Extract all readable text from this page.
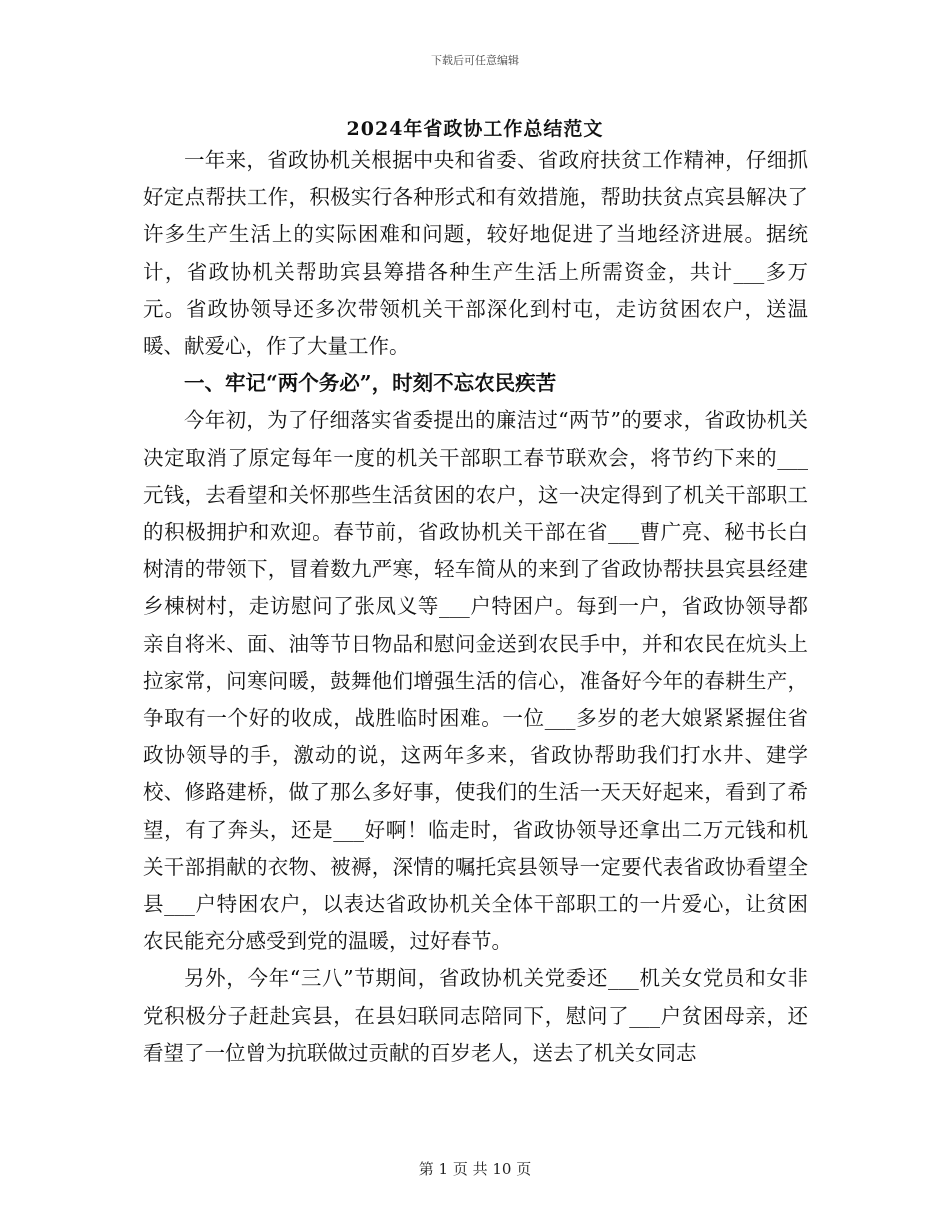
下载后可任意编辑
2024年省政协工作总结范文

一年来，省政协机关根据中央和省委、省政府扶贫工作精神，仔细抓好定点帮扶工作，积极实行各种形式和有效措施，帮助扶贫点宾县解决了许多生产生活上的实际困难和问题，较好地促进了当地经济进展。据统计，省政协机关帮助宾县筹措各种生产生活上所需资金，共计___多万元。省政协领导还多次带领机关干部深化到村屯，走访贫困农户，送温暖、献爱心，作了大量工作。

一、牢记“两个务必”，时刻不忘农民疾苦

今年初，为了仔细落实省委提出的廉洁过“两节”的要求，省政协机关决定取消了原定每年一度的机关干部职工春节联欢会，将节约下来的___元钱，去看望和关怀那些生活贫困的农户，这一决定得到了机关干部职工的积极拥护和欢迎。春节前，省政协机关干部在省___曹广亮、秘书长白树清的带领下，冒着数九严寒，轻车简从的来到了省政协帮扶县宾县经建乡棟树村，走访慰问了张凤义等___户特困户。每到一户，省政协领导都亲自将米、面、油等节日物品和慰问金送到农民手中，并和农民在炕头上拉家常，问寒问暖，鼓舞他们增强生活的信心，准备好今年的春耕生产，争取有一个好的收成，战胜临时困难。一位___多岁的老大娘紧紧握住省政协领导的手，激动的说，这两年多来，省政协帮助我们打水井、建学校、修路建桥，做了那么多好事，使我们的生活一天天好起来，看到了希望，有了奔头，还是___好啊！临走时，省政协领导还拿出二万元钱和机关干部捐献的衣物、被褥，深情的嘱托宾县领导一定要代表省政协看望全县___户特困农户，以表达省政协机关全体干部职工的一片爱心，让贫困农民能充分感受到党的温暖，过好春节。

另外，今年“三八”节期间，省政协机关党委还___机关女党员和女非党积极分子赶赴宾县，在县妇联同志陪同下，慰问了___户贫困母亲，还看望了一位曾为抗联做过贡献的百岁老人，送去了机关女同志

第 1 页 共 10 页
